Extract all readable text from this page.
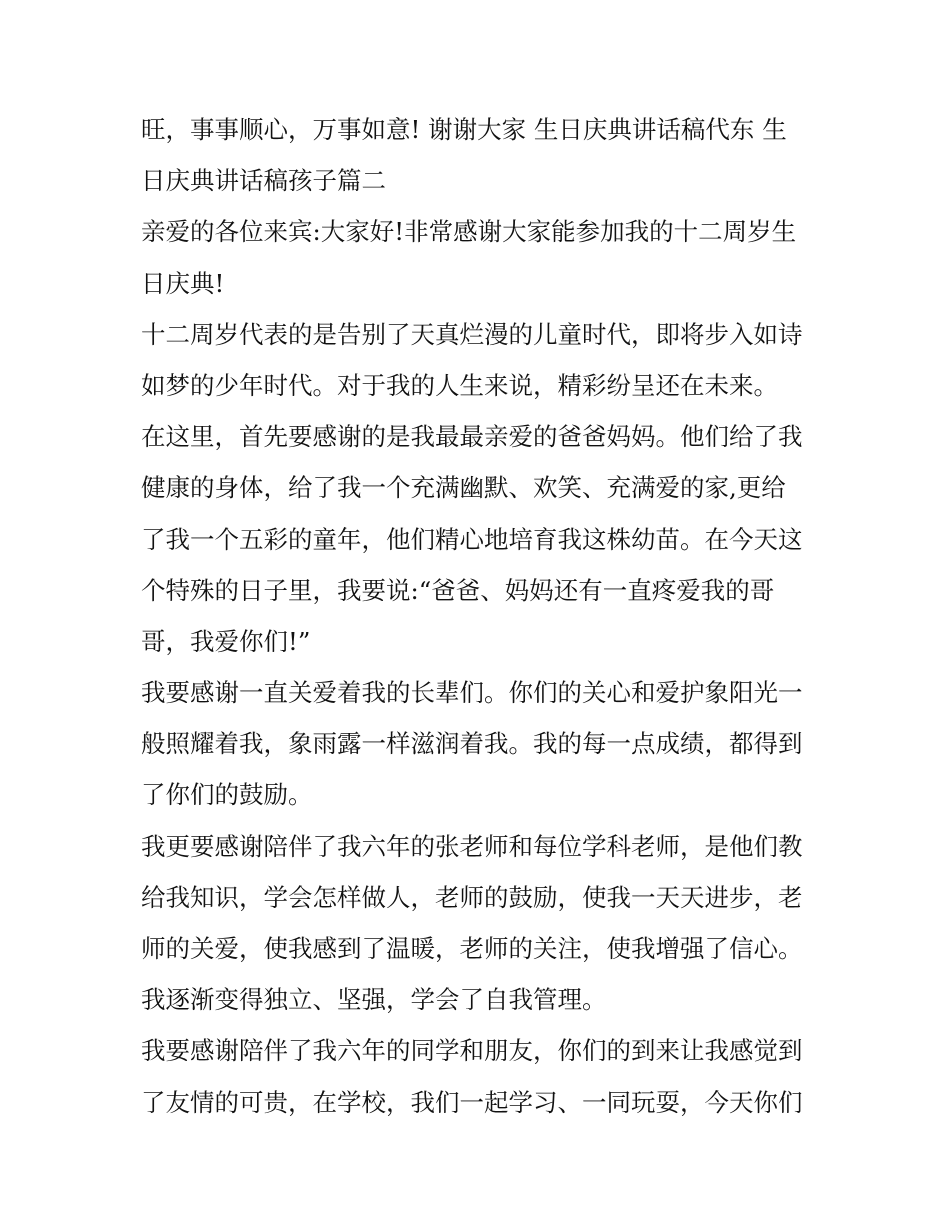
旺，事事顺心，万事如意! 谢谢大家 生日庆典讲话稿代东 生
日庆典讲话稿孩子篇二
亲爱的各位来宾:大家好!非常感谢大家能参加我的十二周岁生
日庆典!
十二周岁代表的是告别了天真烂漫的儿童时代，即将步入如诗
如梦的少年时代。对于我的人生来说，精彩纷呈还在未来。
在这里，首先要感谢的是我最最亲爱的爸爸妈妈。他们给了我
健康的身体，给了我一个充满幽默、欢笑、充满爱的家,更给
了我一个五彩的童年，他们精心地培育我这株幼苗。在今天这
个特殊的日子里，我要说:“爸爸、妈妈还有一直疼爱我的哥
哥，我爱你们!”
我要感谢一直关爱着我的长辈们。你们的关心和爱护象阳光一
般照耀着我，象雨露一样滋润着我。我的每一点成绩，都得到
了你们的鼓励。
我更要感谢陪伴了我六年的张老师和每位学科老师，是他们教
给我知识，学会怎样做人，老师的鼓励，使我一天天进步，老
师的关爱，使我感到了温暖，老师的关注，使我增强了信心。
我逐渐变得独立、坚强，学会了自我管理。
我要感谢陪伴了我六年的同学和朋友，你们的到来让我感觉到
了友情的可贵，在学校，我们一起学习、一同玩耍，今天你们
